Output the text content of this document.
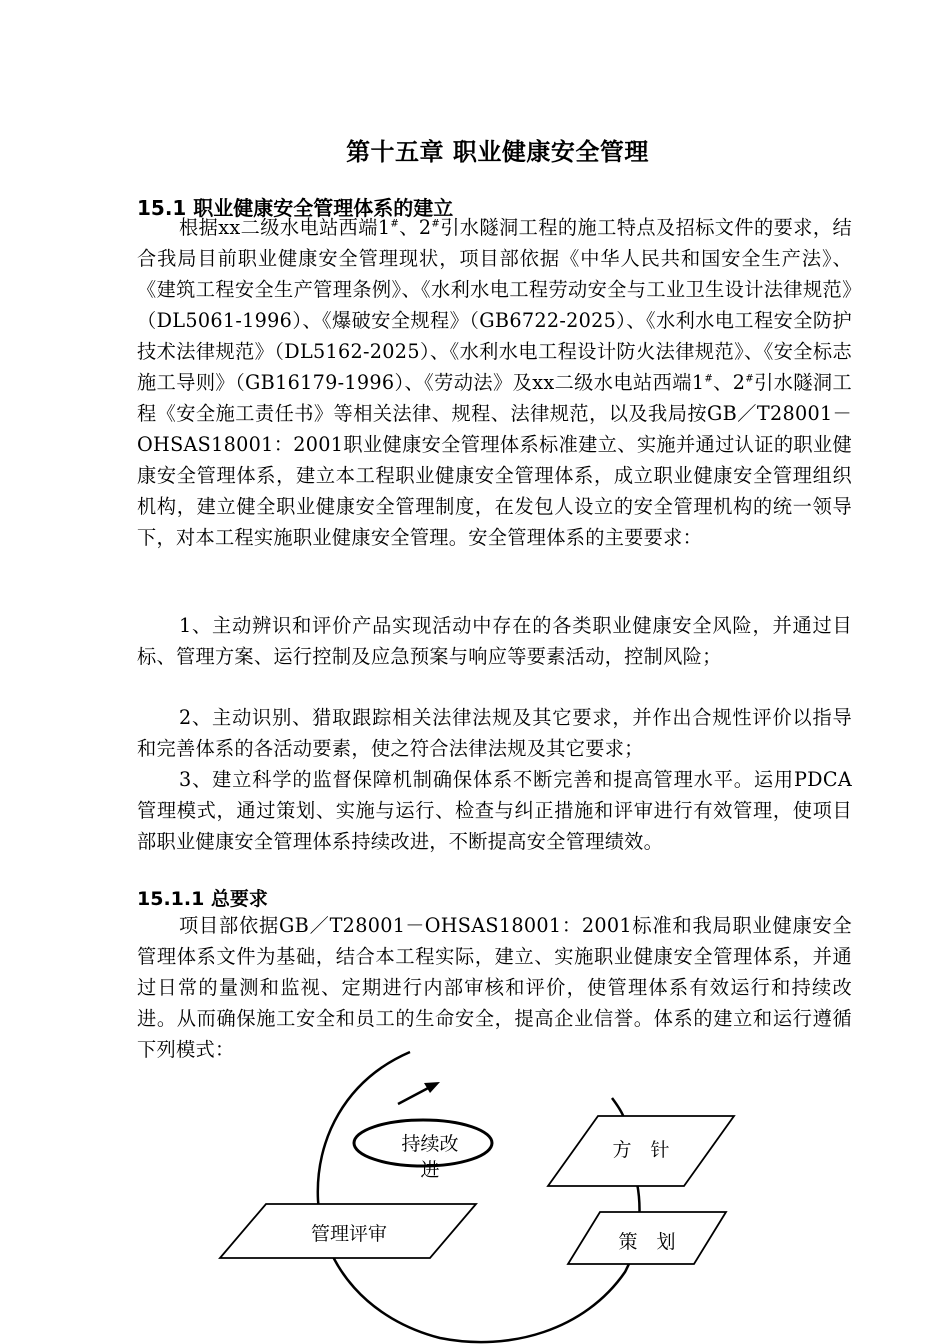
第十五章 职业健康安全管理
15.1 职业健康安全管理体系的建立

根据xx二级水电站西端1#、2#引水隧洞工程的施工特点及招标文件的要求，结合我局目前职业健康安全管理现状，项目部依据《中华人民共和国安全生产法》、《建筑工程安全生产管理条例》、《水利水电工程劳动安全与工业卫生设计法律规范》（DL5061-1996）、《爆破安全规程》（GB6722-2025）、《水利水电工程安全防护技术法律规范》（DL5162-2025）、《水利水电工程设计防火法律规范》、《安全标志施工导则》（GB16179-1996）、《劳动法》及xx二级水电站西端1#、2#引水隧洞工程《安全施工责任书》等相关法律、规程、法律规范，以及我局按GB／T28001－OHSAS18001：2001职业健康安全管理体系标准建立、实施并通过认证的职业健康安全管理体系，建立本工程职业健康安全管理体系，成立职业健康安全管理组织机构，建立健全职业健康安全管理制度，在发包人设立的安全管理机构的统一领导下，对本工程实施职业健康安全管理。安全管理体系的主要要求：

1、主动辨识和评价产品实现活动中存在的各类职业健康安全风险，并通过目标、管理方案、运行控制及应急预案与响应等要素活动，控制风险；

2、主动识别、猎取跟踪相关法律法规及其它要求，并作出合规性评价以指导和完善体系的各活动要素，使之符合法律法规及其它要求；

3、建立科学的监督保障机制确保体系不断完善和提高管理水平。运用PDCA管理模式，通过策划、实施与运行、检查与纠正措施和评审进行有效管理，使项目部职业健康安全管理体系持续改进，不断提高安全管理绩效。

15.1.1 总要求

项目部依据GB／T28001－OHSAS18001：2001标准和我局职业健康安全管理体系文件为基础，结合本工程实际，建立、实施职业健康安全管理体系，并通过日常的量测和监视、定期进行内部审核和评价，使管理体系有效运行和持续改进。从而确保施工安全和员工的生命安全，提高企业信誉。体系的建立和运行遵循下列模式：

持续改
进
方　针
策　划
管理评审
